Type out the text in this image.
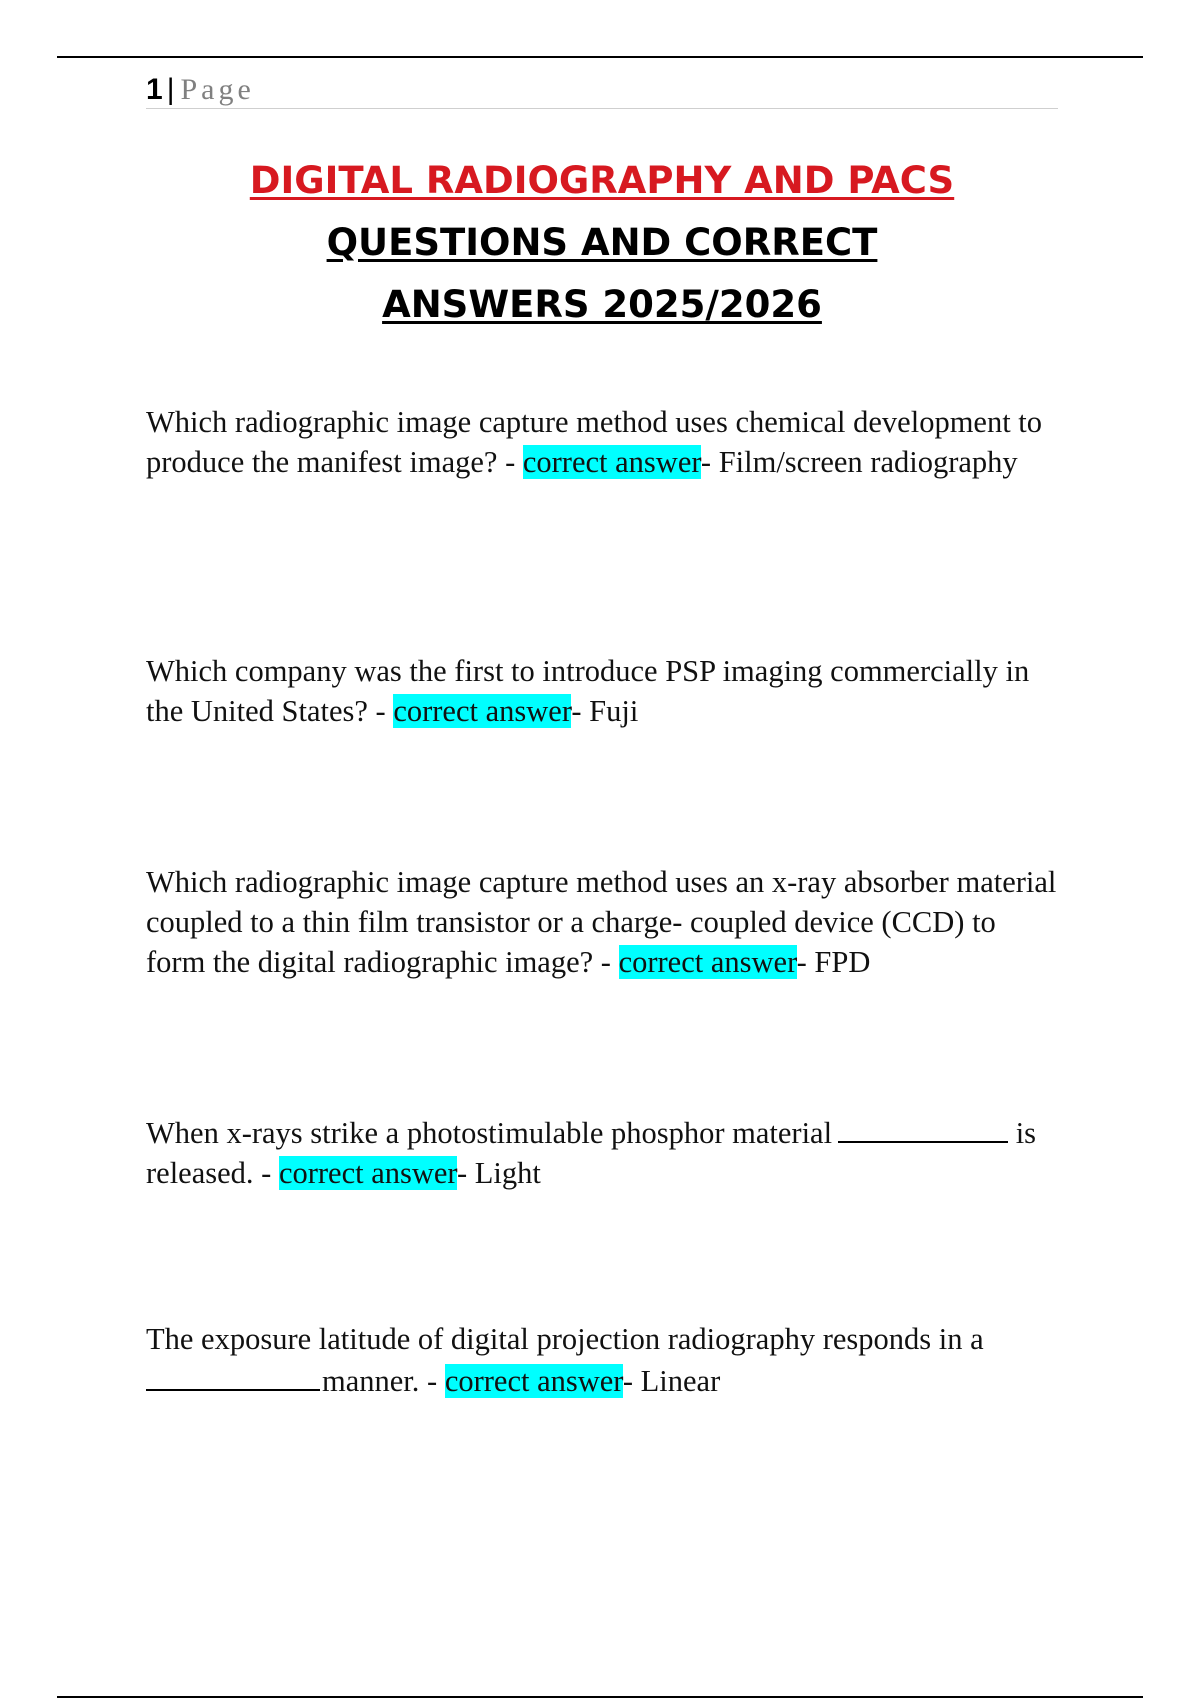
1 | Page
DIGITAL RADIOGRAPHY AND PACS
QUESTIONS AND CORRECT
ANSWERS 2025/2026
Which radiographic image capture method uses chemical development to produce the manifest image? - correct answer- Film/screen radiography
Which company was the first to introduce PSP imaging commercially in the United States? - correct answer- Fuji
Which radiographic image capture method uses an x-ray absorber material coupled to a thin film transistor or a charge- coupled device (CCD) to form the digital radiographic image? - correct answer- FPD
When x-rays strike a photostimulable phosphor material	is released. - correct answer- Light
The exposure latitude of digital projection radiography responds in a manner. - correct answer- Linear
